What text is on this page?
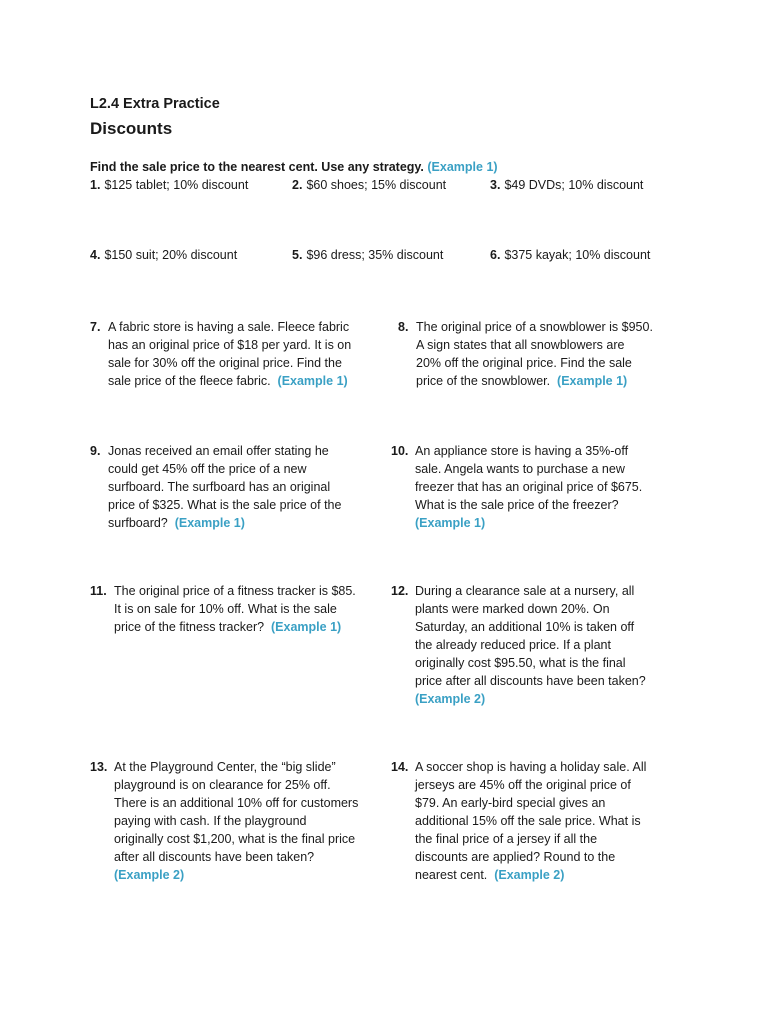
L2.4 Extra Practice
Discounts
Find the sale price to the nearest cent. Use any strategy. (Example 1)
1. $125 tablet; 10% discount	2. $60 shoes; 15% discount	3. $49 DVDs; 10% discount
4. $150 suit; 20% discount	5. $96 dress; 35% discount	6. $375 kayak; 10% discount
7. A fabric store is having a sale. Fleece fabric
has an original price of $18 per yard. It is on
sale for 30% off the original price. Find the
sale price of the fleece fabric.  (Example 1)
8. The original price of a snowblower is $950.
A sign states that all snowblowers are
20% off the original price. Find the sale
price of the snowblower.  (Example 1)
9. Jonas received an email offer stating he
could get 45% off the price of a new
surfboard. The surfboard has an original
price of $325. What is the sale price of the
surfboard?  (Example 1)
10. An appliance store is having a 35%-off
sale. Angela wants to purchase a new
freezer that has an original price of $675.
What is the sale price of the freezer?
(Example 1)
11. The original price of a fitness tracker is $85.
It is on sale for 10% off. What is the sale
price of the fitness tracker?  (Example 1)
12. During a clearance sale at a nursery, all
plants were marked down 20%. On
Saturday, an additional 10% is taken off
the already reduced price. If a plant
originally cost $95.50, what is the final
price after all discounts have been taken?
(Example 2)
13. At the Playground Center, the “big slide”
playground is on clearance for 25% off.
There is an additional 10% off for customers
paying with cash. If the playground
originally cost $1,200, what is the final price
after all discounts have been taken?
(Example 2)
14. A soccer shop is having a holiday sale. All
jerseys are 45% off the original price of
$79. An early-bird special gives an
additional 15% off the sale price. What is
the final price of a jersey if all the
discounts are applied? Round to the
nearest cent.  (Example 2)
